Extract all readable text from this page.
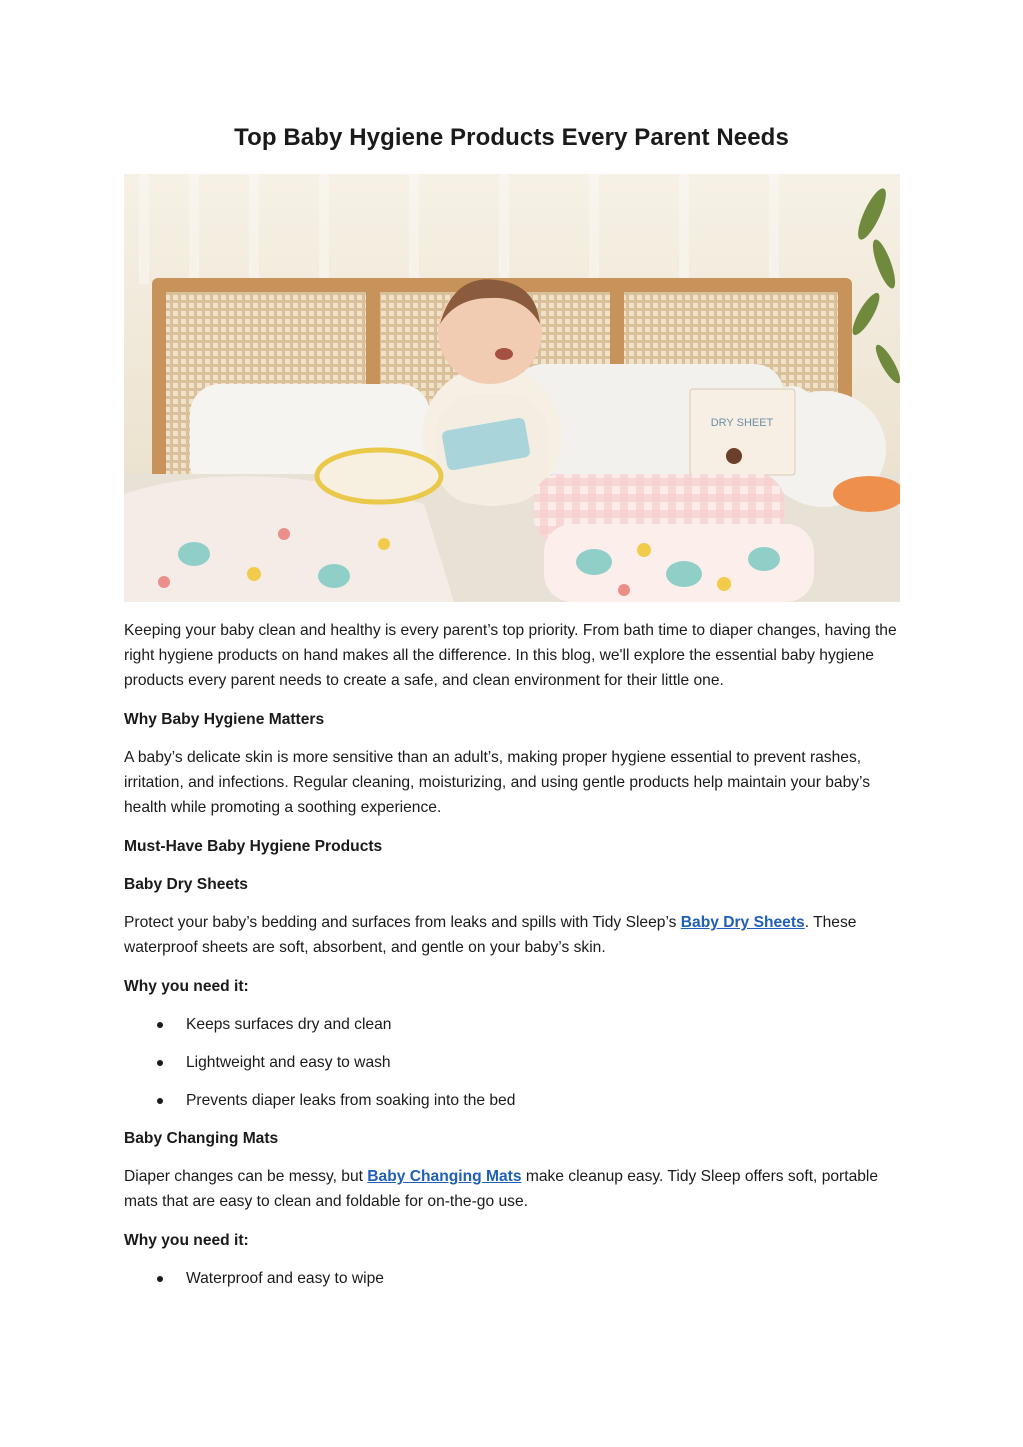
Top Baby Hygiene Products Every Parent Needs
DRY SHEET

Keeping your baby clean and healthy is every parent’s top priority. From bath time to diaper changes, having the right hygiene products on hand makes all the difference. In this blog, we'll explore the essential baby hygiene products every parent needs to create a safe, and clean environment for their little one.

Why Baby Hygiene Matters

A baby’s delicate skin is more sensitive than an adult’s, making proper hygiene essential to prevent rashes, irritation, and infections. Regular cleaning, moisturizing, and using gentle products help maintain your baby’s health while promoting a soothing experience.

Must-Have Baby Hygiene Products

Baby Dry Sheets

Protect your baby’s bedding and surfaces from leaks and spills with Tidy Sleep’s Baby Dry Sheets. These waterproof sheets are soft, absorbent, and gentle on your baby’s skin.

Why you need it:

Keeps surfaces dry and clean
Lightweight and easy to wash
Prevents diaper leaks from soaking into the bed

Baby Changing Mats

Diaper changes can be messy, but Baby Changing Mats make cleanup easy. Tidy Sleep offers soft, portable mats that are easy to clean and foldable for on-the-go use.

Why you need it:

Waterproof and easy to wipe
